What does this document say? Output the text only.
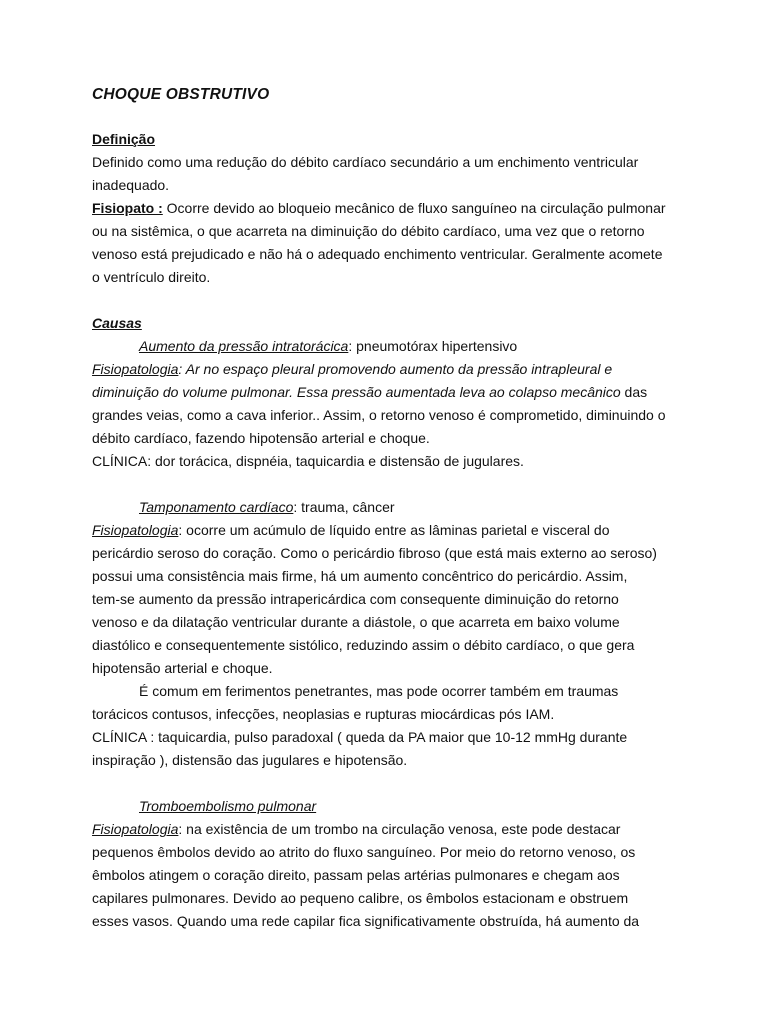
CHOQUE OBSTRUTIVO
Definição
Definido como uma redução do débito cardíaco secundário a um enchimento ventricular
inadequado.
Fisiopato : Ocorre devido ao bloqueio mecânico de fluxo sanguíneo na circulação pulmonar
ou na sistêmica, o que acarreta na diminuição do débito cardíaco, uma vez que o retorno
venoso está prejudicado e não há o adequado enchimento ventricular. Geralmente acomete
o ventrículo direito.
Causas
Aumento da pressão intratorácica: pneumotórax hipertensivo
Fisiopatologia: Ar no espaço pleural promovendo aumento da pressão intrapleural e
diminuição do volume pulmonar. Essa pressão aumentada leva ao colapso mecânico das
grandes veias, como a cava inferior.. Assim, o retorno venoso é comprometido, diminuindo o
débito cardíaco, fazendo hipotensão arterial e choque.
CLÍNICA: dor torácica, dispnéia, taquicardia e distensão de jugulares.
Tamponamento cardíaco: trauma, câncer
Fisiopatologia: ocorre um acúmulo de líquido entre as lâminas parietal e visceral do
pericárdio seroso do coração. Como o pericárdio fibroso (que está mais externo ao seroso)
possui uma consistência mais firme, há um aumento concêntrico do pericárdio. Assim,
tem-se aumento da pressão intrapericárdica com consequente diminuição do retorno
venoso e da dilatação ventricular durante a diástole, o que acarreta em baixo volume
diastólico e consequentemente sistólico, reduzindo assim o débito cardíaco, o que gera
hipotensão arterial e choque.
É comum em ferimentos penetrantes, mas pode ocorrer também em traumas
torácicos contusos, infecções, neoplasias e rupturas miocárdicas pós IAM.
CLÍNICA : taquicardia, pulso paradoxal ( queda da PA maior que 10-12 mmHg durante
inspiração ), distensão das jugulares e hipotensão.
Tromboembolismo pulmonar
Fisiopatologia: na existência de um trombo na circulação venosa, este pode destacar
pequenos êmbolos devido ao atrito do fluxo sanguíneo. Por meio do retorno venoso, os
êmbolos atingem o coração direito, passam pelas artérias pulmonares e chegam aos
capilares pulmonares. Devido ao pequeno calibre, os êmbolos estacionam e obstruem
esses vasos. Quando uma rede capilar fica significativamente obstruída, há aumento da
